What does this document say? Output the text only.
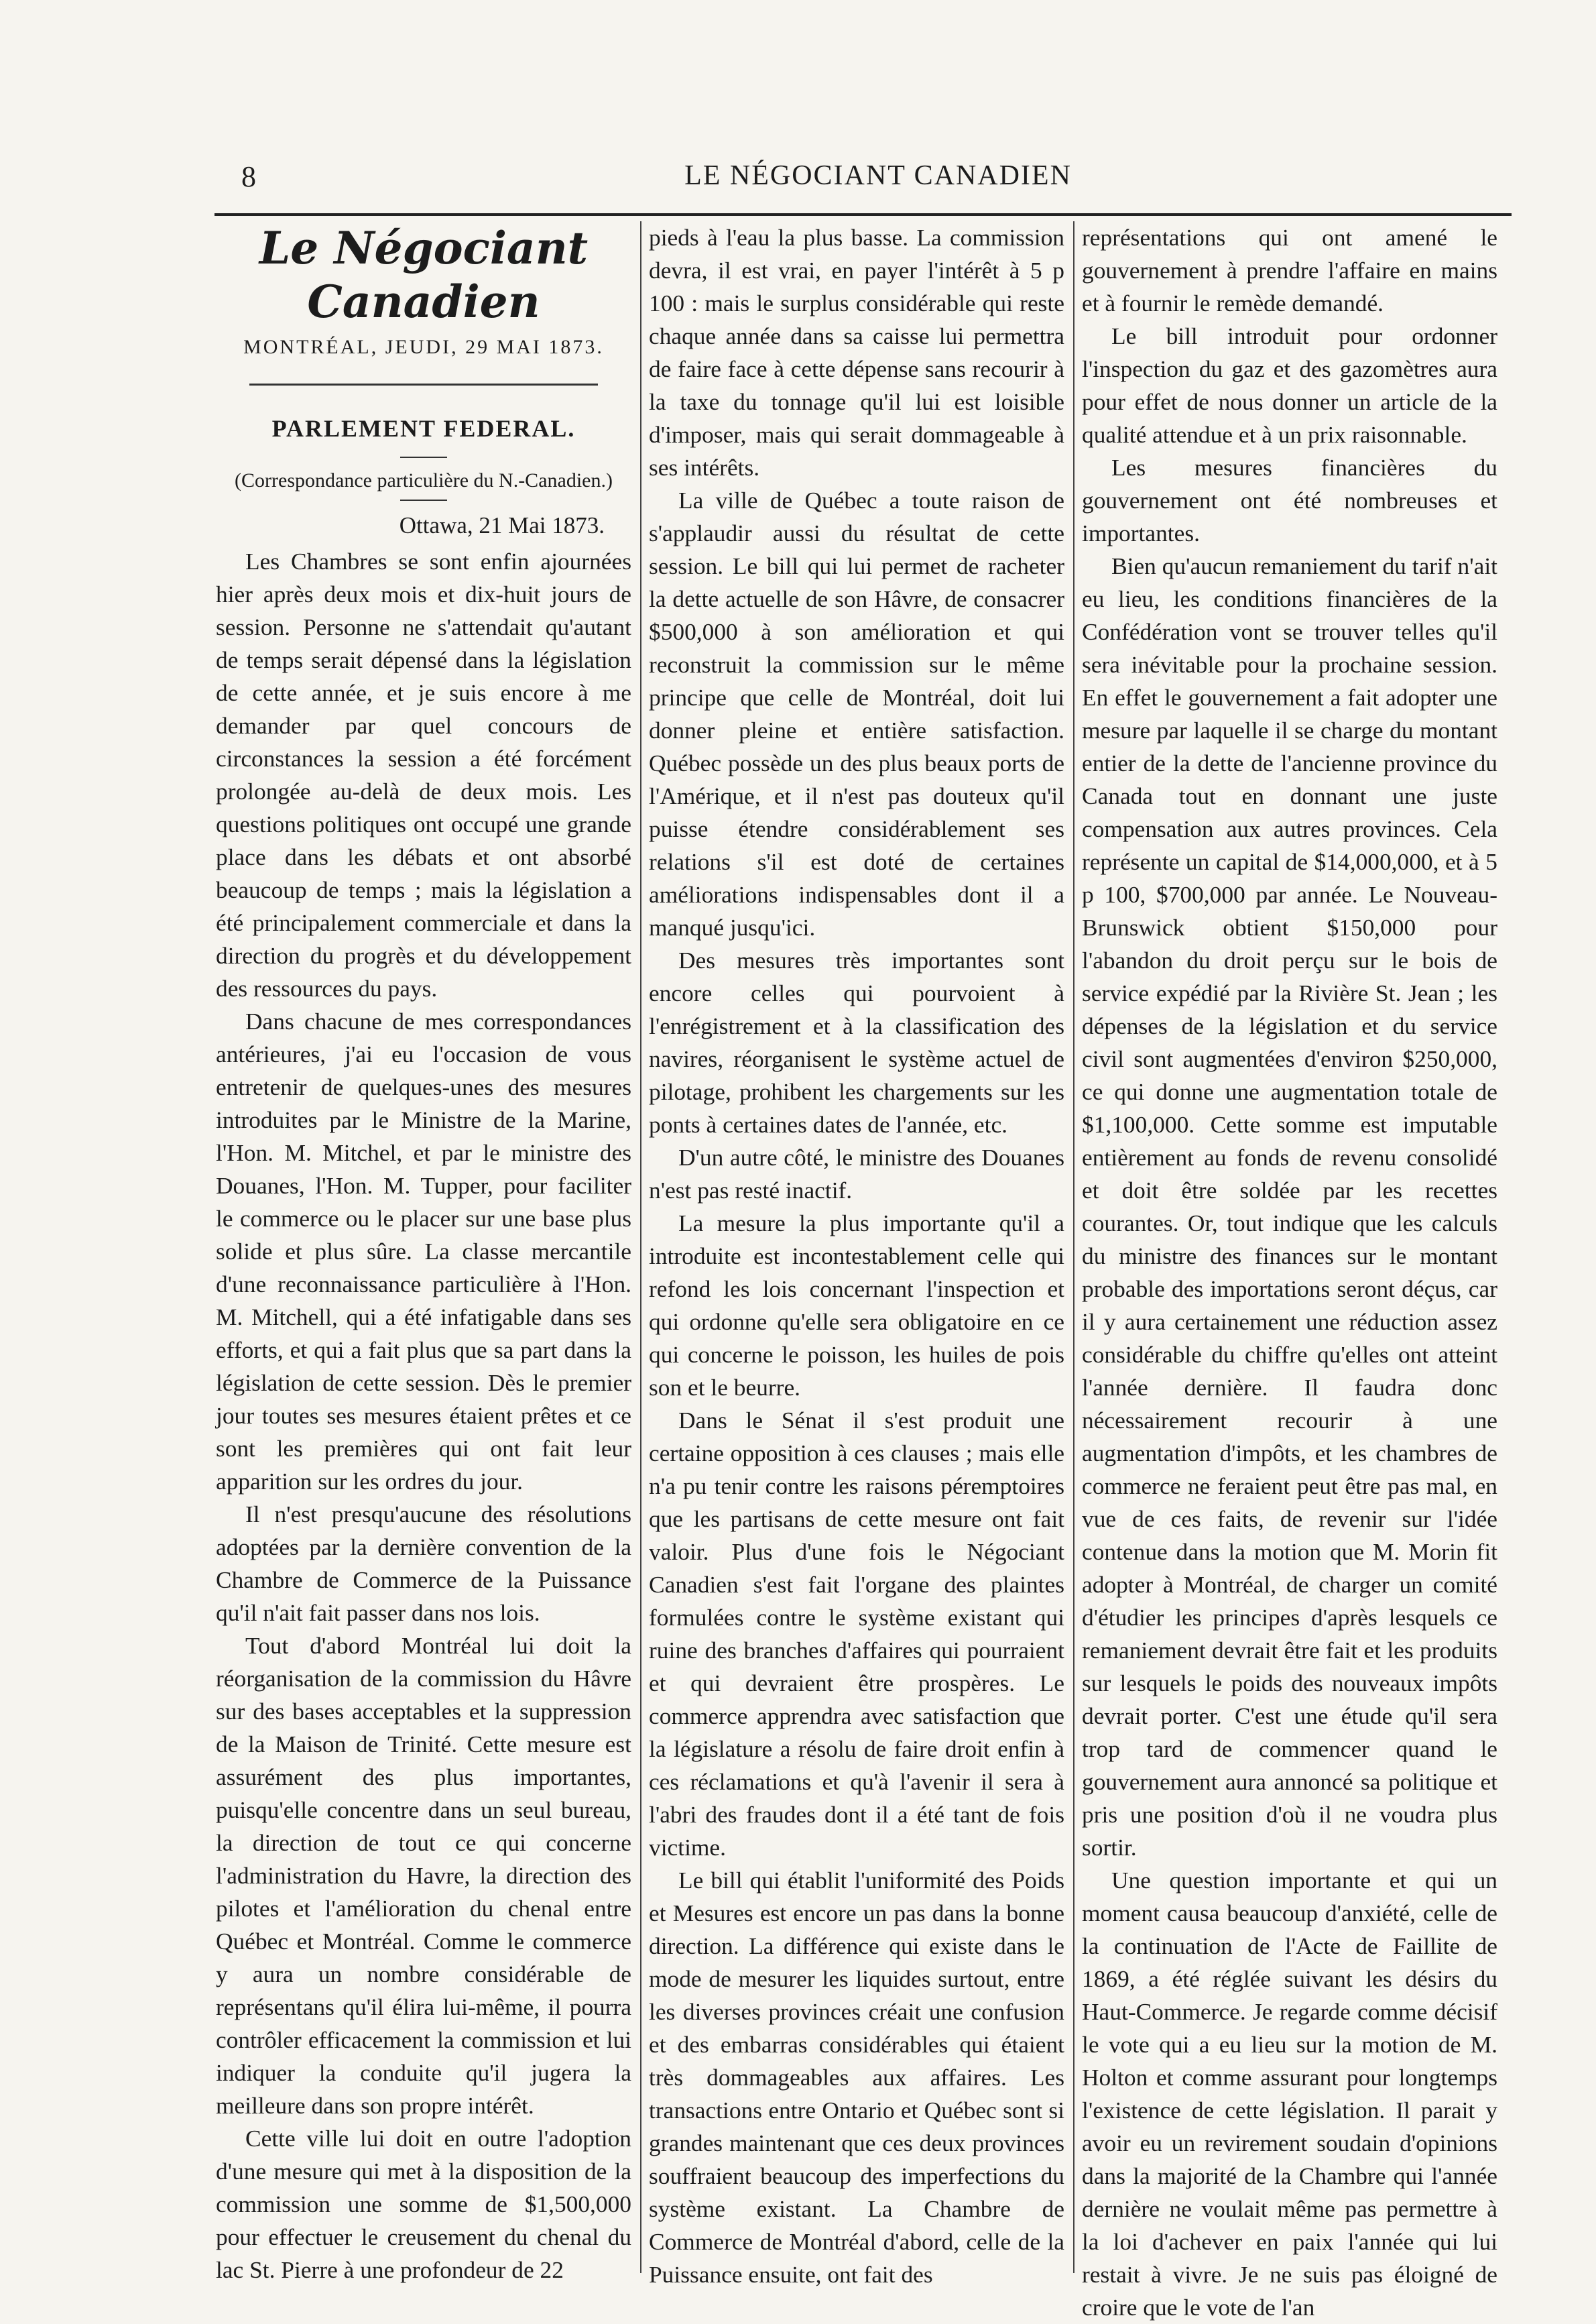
8	LE NÉGOCIANT CANADIEN
Le Négociant Canadien
MONTRÉAL, JEUDI, 29 MAI 1873.
PARLEMENT FEDERAL.
(Correspondance particulière du N.-Canadien.)
Ottawa, 21 Mai 1873.

Les Chambres se sont enfin ajournées hier après deux mois et dix-huit jours de session. Personne ne s'attendait qu'autant de temps serait dépensé dans la législation de cette année, et je suis encore à me demander par quel concours de circonstances la session a été forcément prolongée au-delà de deux mois. Les questions politiques ont occupé une grande place dans les débats et ont absorbé beaucoup de temps ; mais la législation a été principalement commerciale et dans la direction du progrès et du développement des ressources du pays.

Dans chacune de mes correspondances antérieures, j'ai eu l'occasion de vous entretenir de quelques-unes des mesures introduites par le Ministre de la Marine, l'Hon. M. Mitchel, et par le ministre des Douanes, l'Hon. M. Tupper, pour faciliter le commerce ou le placer sur une base plus solide et plus sûre. La classe mercantile d'une reconnaissance particulière à l'Hon. M. Mitchell, qui a été infatigable dans ses efforts, et qui a fait plus que sa part dans la législation de cette session. Dès le premier jour toutes ses mesures étaient prêtes et ce sont les premières qui ont fait leur apparition sur les ordres du jour.

Il n'est presqu'aucune des résolutions adoptées par la dernière convention de la Chambre de Commerce de la Puissance qu'il n'ait fait passer dans nos lois.

Tout d'abord Montréal lui doit la réorganisation de la commission du Hâvre sur des bases acceptables et la suppression de la Maison de Trinité. Cette mesure est assurément des plus importantes, puisqu'elle concentre dans un seul bureau, la direction de tout ce qui concerne l'administration du Havre, la direction des pilotes et l'amélioration du chenal entre Québec et Montréal. Comme le commerce y aura un nombre considérable de représentans qu'il élira lui-même, il pourra contrôler efficacement la commission et lui indiquer la conduite qu'il jugera la meilleure dans son propre intérêt.

Cette ville lui doit en outre l'adoption d'une mesure qui met à la disposition de la commission une somme de $1,500,000 pour effectuer le creusement du chenal du lac St. Pierre à une profondeur de 22

pieds à l'eau la plus basse. La commission devra, il est vrai, en payer l'intérêt à 5 p 100 : mais le surplus considérable qui reste chaque année dans sa caisse lui permettra de faire face à cette dépense sans recourir à la taxe du tonnage qu'il lui est loisible d'imposer, mais qui serait dommageable à ses intérêts.

La ville de Québec a toute raison de s'applaudir aussi du résultat de cette session. Le bill qui lui permet de racheter la dette actuelle de son Hâvre, de consacrer $500,000 à son amélioration et qui reconstruit la commission sur le même principe que celle de Montréal, doit lui donner pleine et entière satisfaction. Québec possède un des plus beaux ports de l'Amérique, et il n'est pas douteux qu'il puisse étendre considérablement ses relations s'il est doté de certaines améliorations indispensables dont il a manqué jusqu'ici.

Des mesures très importantes sont encore celles qui pourvoient à l'enrégistrement et à la classification des navires, réorganisent le système actuel de pilotage, prohibent les chargements sur les ponts à certaines dates de l'année, etc.

D'un autre côté, le ministre des Douanes n'est pas resté inactif.

La mesure la plus importante qu'il a introduite est incontestablement celle qui refond les lois concernant l'inspection et qui ordonne qu'elle sera obligatoire en ce qui concerne le poisson, les huiles de pois son et le beurre.

Dans le Sénat il s'est produit une certaine opposition à ces clauses ; mais elle n'a pu tenir contre les raisons péremptoires que les partisans de cette mesure ont fait valoir. Plus d'une fois le Négociant Canadien s'est fait l'organe des plaintes formulées contre le système existant qui ruine des branches d'affaires qui pourraient et qui devraient être prospères. Le commerce apprendra avec satisfaction que la législature a résolu de faire droit enfin à ces réclamations et qu'à l'avenir il sera à l'abri des fraudes dont il a été tant de fois victime.

Le bill qui établit l'uniformité des Poids et Mesures est encore un pas dans la bonne direction. La différence qui existe dans le mode de mesurer les liquides surtout, entre les diverses provinces créait une confusion et des embarras considérables qui étaient très dommageables aux affaires. Les transactions entre Ontario et Québec sont si grandes maintenant que ces deux provinces souffraient beaucoup des imperfections du système existant. La Chambre de Commerce de Montréal d'abord, celle de la Puissance ensuite, ont fait des

représentations qui ont amené le gouvernement à prendre l'affaire en mains et à fournir le remède demandé.

Le bill introduit pour ordonner l'inspection du gaz et des gazomètres aura pour effet de nous donner un article de la qualité attendue et à un prix raisonnable.

Les mesures financières du gouvernement ont été nombreuses et importantes.

Bien qu'aucun remaniement du tarif n'ait eu lieu, les conditions financières de la Confédération vont se trouver telles qu'il sera inévitable pour la prochaine session. En effet le gouvernement a fait adopter une mesure par laquelle il se charge du montant entier de la dette de l'ancienne province du Canada tout en donnant une juste compensation aux autres provinces. Cela représente un capital de $14,000,000, et à 5 p 100, $700,000 par année. Le Nouveau-Brunswick obtient $150,000 pour l'abandon du droit perçu sur le bois de service expédié par la Rivière St. Jean ; les dépenses de la législation et du service civil sont augmentées d'environ $250,000, ce qui donne une augmentation totale de $1,100,000. Cette somme est imputable entièrement au fonds de revenu consolidé et doit être soldée par les recettes courantes. Or, tout indique que les calculs du ministre des finances sur le montant probable des importations seront déçus, car il y aura certainement une réduction assez considérable du chiffre qu'elles ont atteint l'année dernière. Il faudra donc nécessairement recourir à une augmentation d'impôts, et les chambres de commerce ne feraient peut être pas mal, en vue de ces faits, de revenir sur l'idée contenue dans la motion que M. Morin fit adopter à Montréal, de charger un comité d'étudier les principes d'après lesquels ce remaniement devrait être fait et les produits sur lesquels le poids des nouveaux impôts devrait porter. C'est une étude qu'il sera trop tard de commencer quand le gouvernement aura annoncé sa politique et pris une position d'où il ne voudra plus sortir.

Une question importante et qui un moment causa beaucoup d'anxiété, celle de la continuation de l'Acte de Faillite de 1869, a été réglée suivant les désirs du Haut-Commerce. Je regarde comme décisif le vote qui a eu lieu sur la motion de M. Holton et comme assurant pour longtemps l'existence de cette législation. Il parait y avoir eu un revirement soudain d'opinions dans la majorité de la Chambre qui l'année dernière ne voulait même pas permettre à la loi d'achever en paix l'année qui lui restait à vivre. Je ne suis pas éloigné de croire que le vote de l'an
